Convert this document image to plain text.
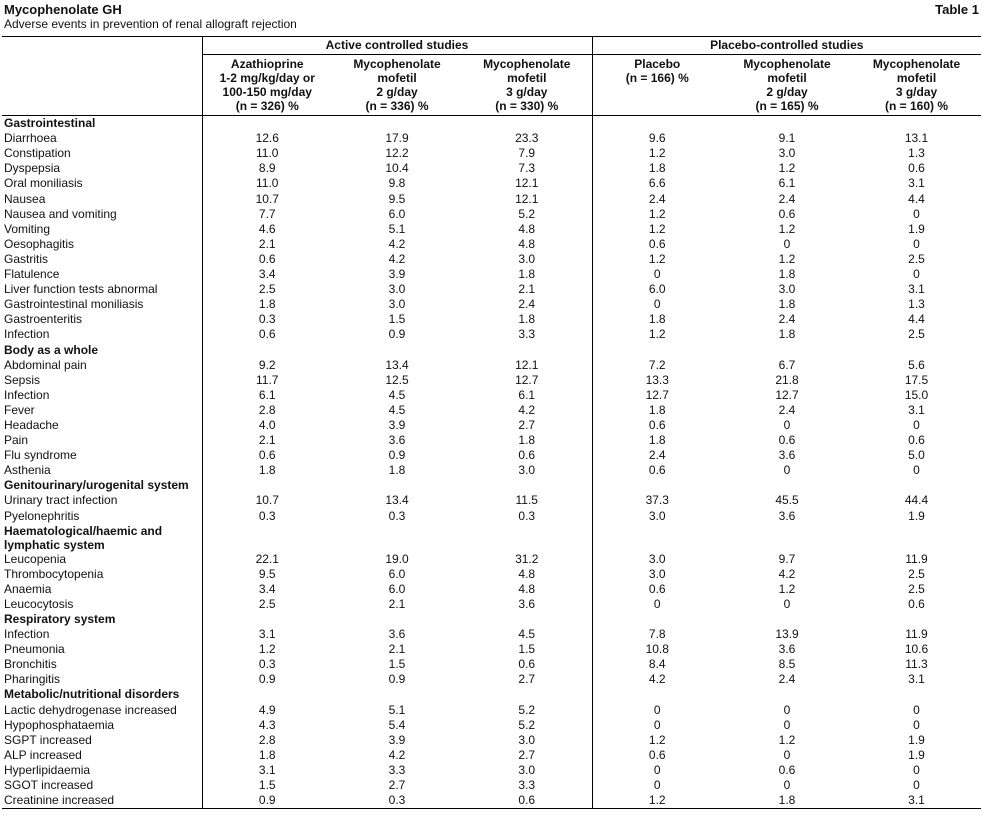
Mycophenolate GH
Adverse events in prevention of renal allograft rejection
Table 1
	Active controlled studies			Placebo-controlled studies		

	Azathioprine
1-2 mg/kg/day or
100-150 mg/day
(n = 326) %	Mycophenolate
mofetil
2 g/day
(n = 336) %	Mycophenolate
mofetil
3 g/day
(n = 330) %	Placebo
(n = 166) %	Mycophenolate
mofetil
2 g/day
(n = 165) %	Mycophenolate
mofetil
3 g/day
(n = 160) %

Gastrointestinal						
Diarrhoea	12.6	17.9	23.3	9.6	9.1	13.1
Constipation	11.0	12.2	7.9	1.2	3.0	1.3
Dyspepsia	8.9	10.4	7.3	1.8	1.2	0.6
Oral moniliasis	11.0	9.8	12.1	6.6	6.1	3.1
Nausea	10.7	9.5	12.1	2.4	2.4	4.4
Nausea and vomiting	7.7	6.0	5.2	1.2	0.6	0
Vomiting	4.6	5.1	4.8	1.2	1.2	1.9
Oesophagitis	2.1	4.2	4.8	0.6	0	0
Gastritis	0.6	4.2	3.0	1.2	1.2	2.5
Flatulence	3.4	3.9	1.8	0	1.8	0
Liver function tests abnormal	2.5	3.0	2.1	6.0	3.0	3.1
Gastrointestinal moniliasis	1.8	3.0	2.4	0	1.8	1.3
Gastroenteritis	0.3	1.5	1.8	1.8	2.4	4.4
Infection	0.6	0.9	3.3	1.2	1.8	2.5
Body as a whole						
Abdominal pain	9.2	13.4	12.1	7.2	6.7	5.6
Sepsis	11.7	12.5	12.7	13.3	21.8	17.5
Infection	6.1	4.5	6.1	12.7	12.7	15.0
Fever	2.8	4.5	4.2	1.8	2.4	3.1
Headache	4.0	3.9	2.7	0.6	0	0
Pain	2.1	3.6	1.8	1.8	0.6	0.6
Flu syndrome	0.6	0.9	0.6	2.4	3.6	5.0
Asthenia	1.8	1.8	3.0	0.6	0	0
Genitourinary/urogenital system						
Urinary tract infection	10.7	13.4	11.5	37.3	45.5	44.4
Pyelonephritis	0.3	0.3	0.3	3.0	3.6	1.9
Haematological/haemic and lymphatic system						
Leucopenia	22.1	19.0	31.2	3.0	9.7	11.9
Thrombocytopenia	9.5	6.0	4.8	3.0	4.2	2.5
Anaemia	3.4	6.0	4.8	0.6	1.2	2.5
Leucocytosis	2.5	2.1	3.6	0	0	0.6
Respiratory system						
Infection	3.1	3.6	4.5	7.8	13.9	11.9
Pneumonia	1.2	2.1	1.5	10.8	3.6	10.6
Bronchitis	0.3	1.5	0.6	8.4	8.5	11.3
Pharingitis	0.9	0.9	2.7	4.2	2.4	3.1
Metabolic/nutritional disorders						
Lactic dehydrogenase increased	4.9	5.1	5.2	0	0	0
Hypophosphataemia	4.3	5.4	5.2	0	0	0
SGPT increased	2.8	3.9	3.0	1.2	1.2	1.9
ALP increased	1.8	4.2	2.7	0.6	0	1.9
Hyperlipidaemia	3.1	3.3	3.0	0	0.6	0
SGOT increased	1.5	2.7	3.3	0	0	0
Creatinine increased	0.9	0.3	0.6	1.2	1.8	3.1
